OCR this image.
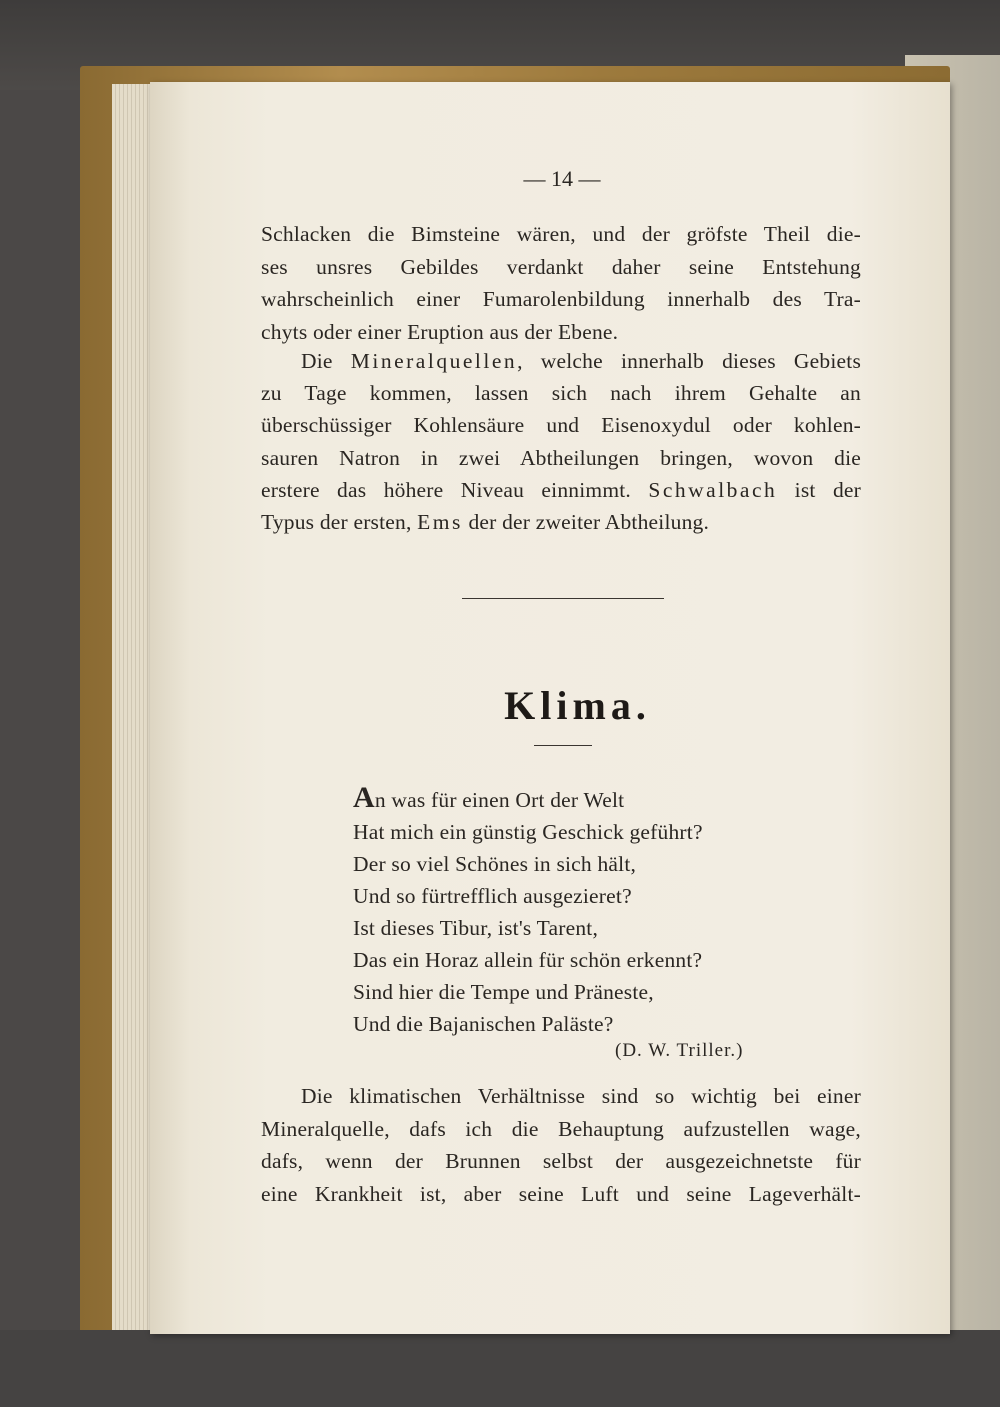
— 14 —
Schlacken die Bimsteine wären, und der gröfste Theil die-
ses unsres Gebildes verdankt daher seine Entstehung
wahrscheinlich einer Fumarolenbildung innerhalb des Tra-
chyts oder einer Eruption aus der Ebene.
Die Mineralquellen, welche innerhalb dieses Gebiets
zu Tage kommen, lassen sich nach ihrem Gehalte an
überschüssiger Kohlensäure und Eisenoxydul oder kohlen-
sauren Natron in zwei Abtheilungen bringen, wovon die
erstere das höhere Niveau einnimmt. Schwalbach ist der
Typus der ersten, Ems der der zweiter Abtheilung.
Klima.
An was für einen Ort der Welt
Hat mich ein günstig Geschick geführt?
Der so viel Schönes in sich hält,
Und so fürtrefflich ausgezieret?
Ist dieses Tibur, ist's Tarent,
Das ein Horaz allein für schön erkennt?
Sind hier die Tempe und Präneste,
Und die Bajanischen Paläste?
(D. W. Triller.)
Die klimatischen Verhältnisse sind so wichtig bei einer
Mineralquelle, dafs ich die Behauptung aufzustellen wage,
dafs, wenn der Brunnen selbst der ausgezeichnetste für
eine Krankheit ist, aber seine Luft und seine Lageverhält-
